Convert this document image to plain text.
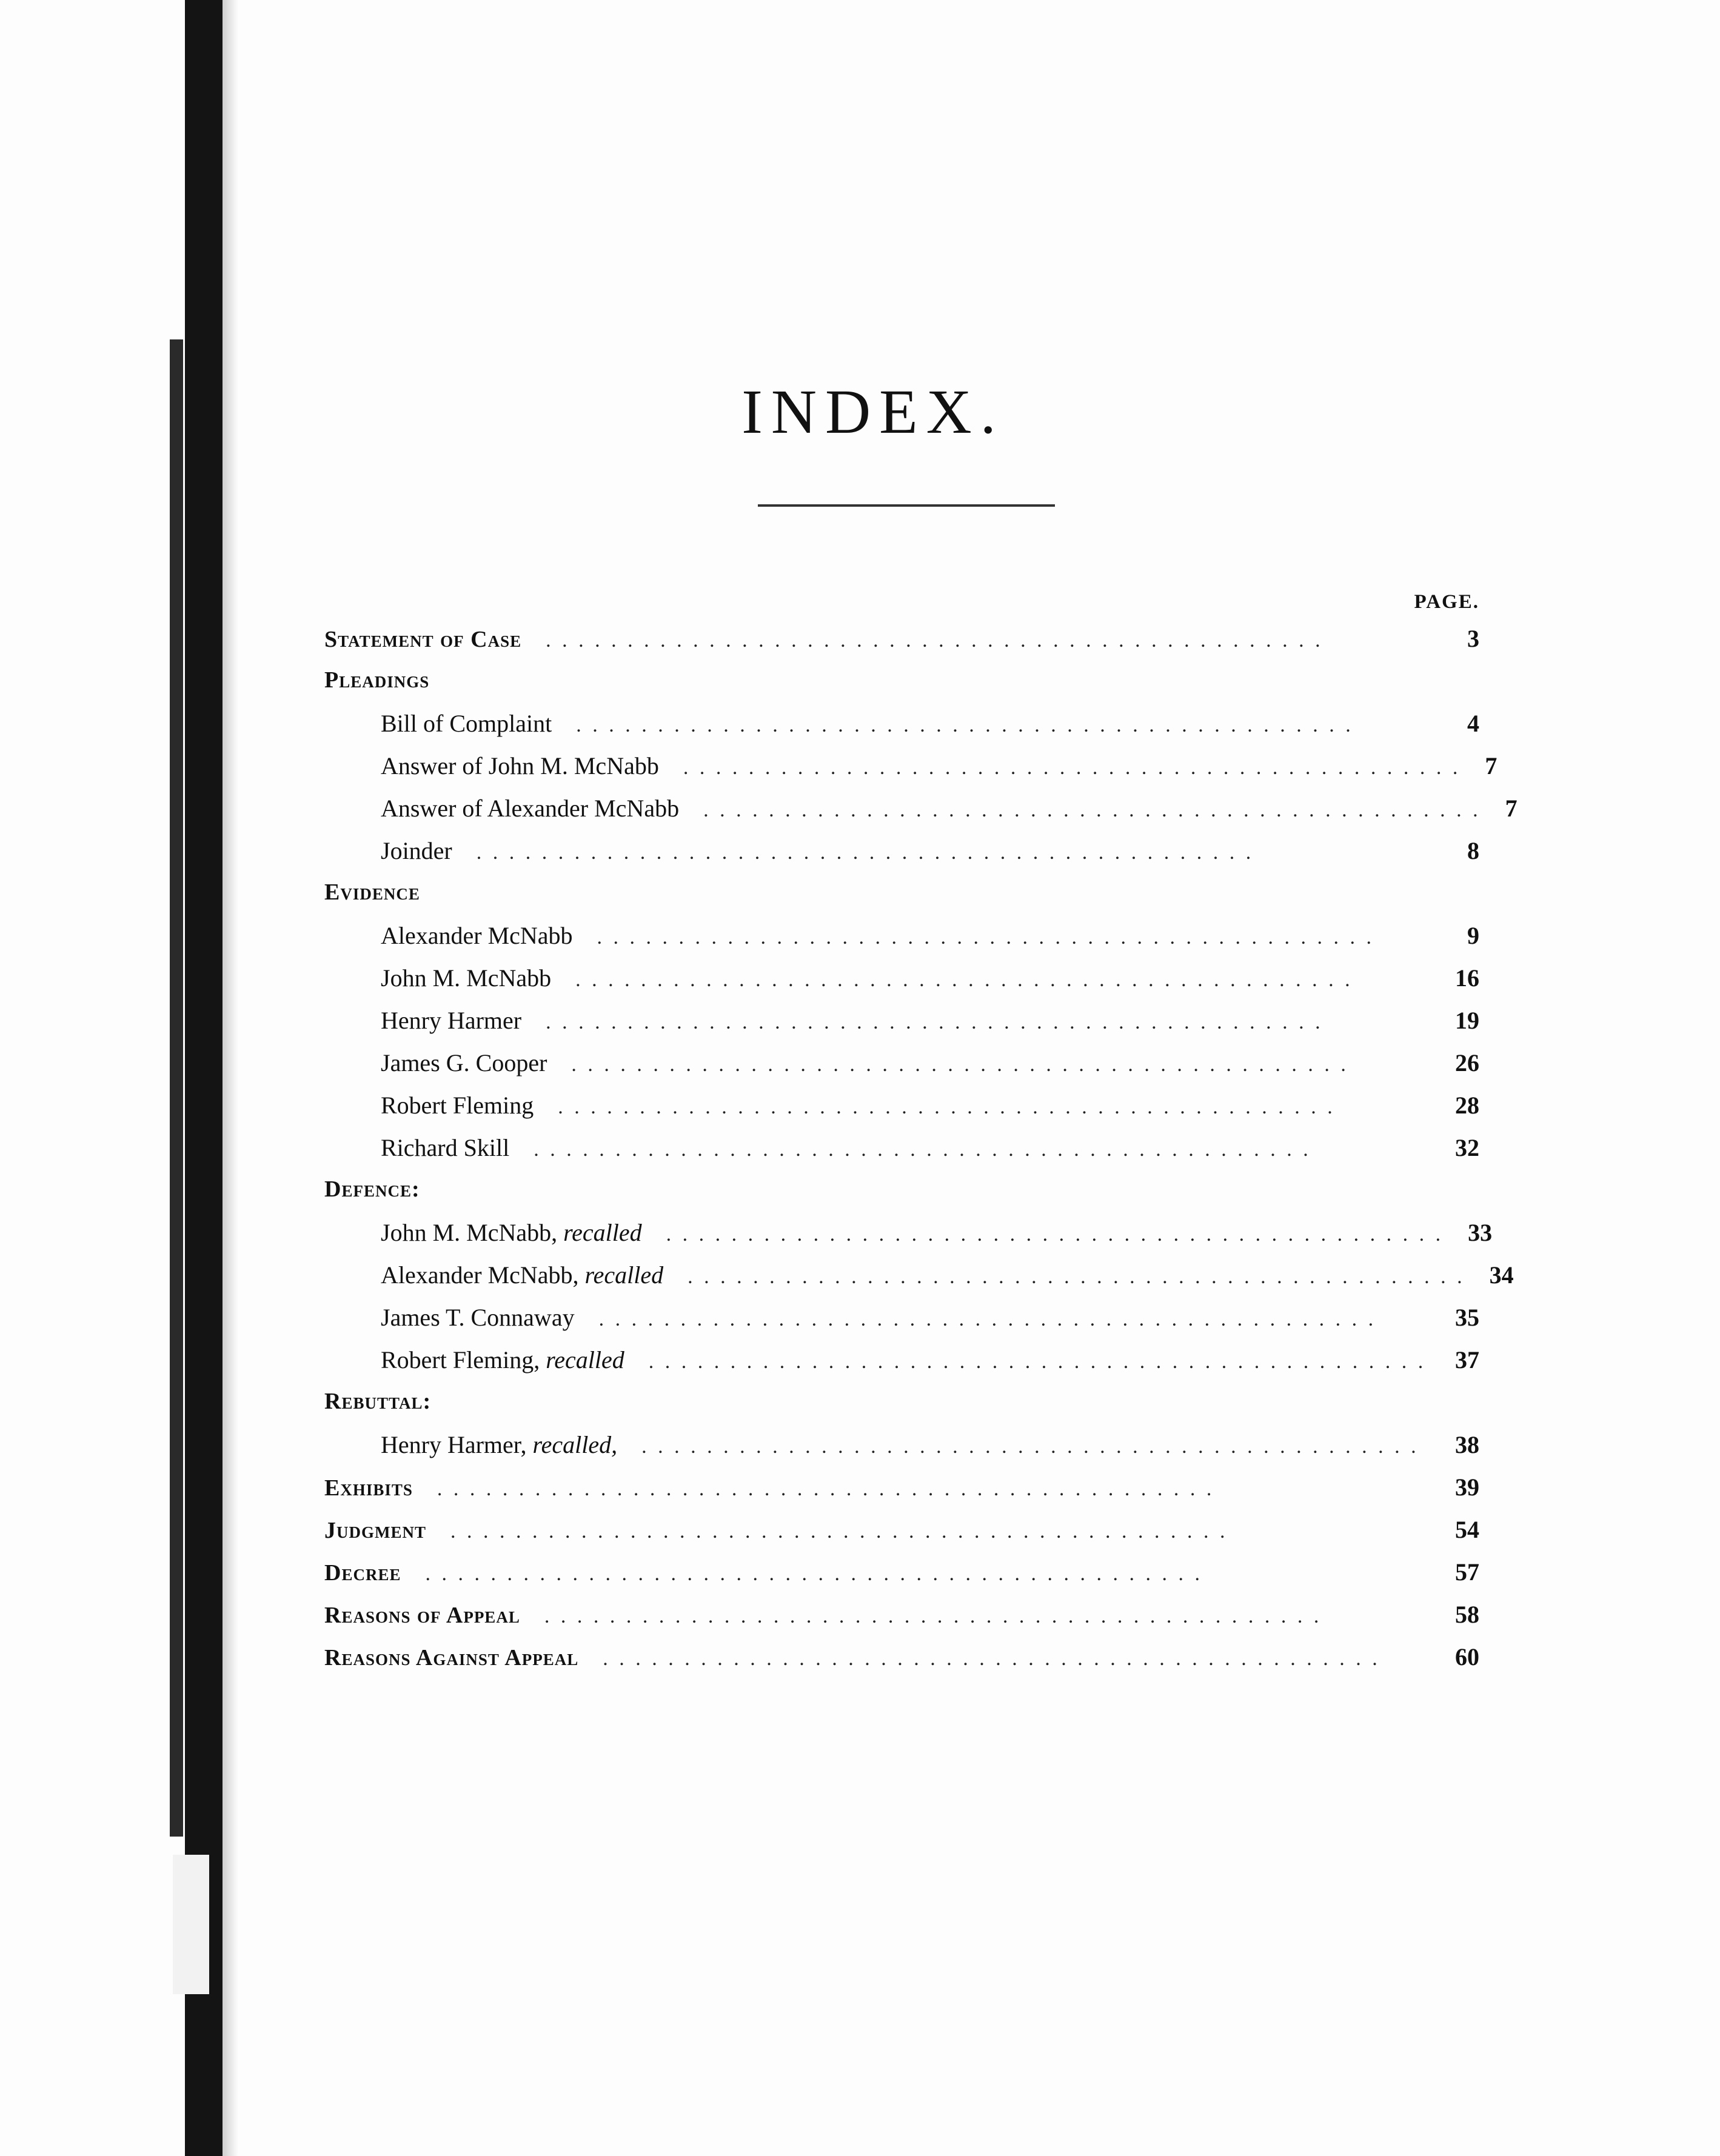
INDEX.
PAGE.
Statement of Case . . . . . . . . . . . . . . . . . . . . . . . . . . . . . . . . . . . . . . . . . . . . . . . .	3
Pleadings
Bill of Complaint . . . . . . . . . . . . . . . . . . . . . . . . . . . . . . . . . . . . . . . . . . . . . . . .	4
Answer of John M. McNabb . . . . . . . . . . . . . . . . . . . . . . . . . . . . . . . . . . . . . . . . . . . . . . . . 7
Answer of Alexander McNabb . . . . . . . . . . . . . . . . . . . . . . . . . . . . . . . . . . . . . . . . . . . . . . . . 7
Joinder . . . . . . . . . . . . . . . . . . . . . . . . . . . . . . . . . . . . . . . . . . . . . . . .	8
Evidence
Alexander McNabb . . . . . . . . . . . . . . . . . . . . . . . . . . . . . . . . . . . . . . . . . . . . . . . .	9
John M. McNabb . . . . . . . . . . . . . . . . . . . . . . . . . . . . . . . . . . . . . . . . . . . . . . . .	16
Henry Harmer . . . . . . . . . . . . . . . . . . . . . . . . . . . . . . . . . . . . . . . . . . . . . . . .	19
James G. Cooper . . . . . . . . . . . . . . . . . . . . . . . . . . . . . . . . . . . . . . . . . . . . . . . .	26
Robert Fleming . . . . . . . . . . . . . . . . . . . . . . . . . . . . . . . . . . . . . . . . . . . . . . . .	28
Richard Skill . . . . . . . . . . . . . . . . . . . . . . . . . . . . . . . . . . . . . . . . . . . . . . . .	32
Defence:
John M. McNabb, recalled . . . . . . . . . . . . . . . . . . . . . . . . . . . . . . . . . . . . . . . . . . . . . . . . 33
Alexander McNabb, recalled . . . . . . . . . . . . . . . . . . . . . . . . . . . . . . . . . . . . . . . . . . . . . . . . 34
James T. Connaway . . . . . . . . . . . . . . . . . . . . . . . . . . . . . . . . . . . . . . . . . . . . . . . .	35
Robert Fleming, recalled . . . . . . . . . . . . . . . . . . . . . . . . . . . . . . . . . . . . . . . . . . . . . . . . 37
Rebuttal:
Henry Harmer, recalled, . . . . . . . . . . . . . . . . . . . . . . . . . . . . . . . . . . . . . . . . . . . . . . . .	38
Exhibits . . . . . . . . . . . . . . . . . . . . . . . . . . . . . . . . . . . . . . . . . . . . . . . .	39
Judgment . . . . . . . . . . . . . . . . . . . . . . . . . . . . . . . . . . . . . . . . . . . . . . . .	54
Decree . . . . . . . . . . . . . . . . . . . . . . . . . . . . . . . . . . . . . . . . . . . . . . . .	57
Reasons of Appeal . . . . . . . . . . . . . . . . . . . . . . . . . . . . . . . . . . . . . . . . . . . . . . . .	58
Reasons Against Appeal . . . . . . . . . . . . . . . . . . . . . . . . . . . . . . . . . . . . . . . . . . . . . . . .	60
